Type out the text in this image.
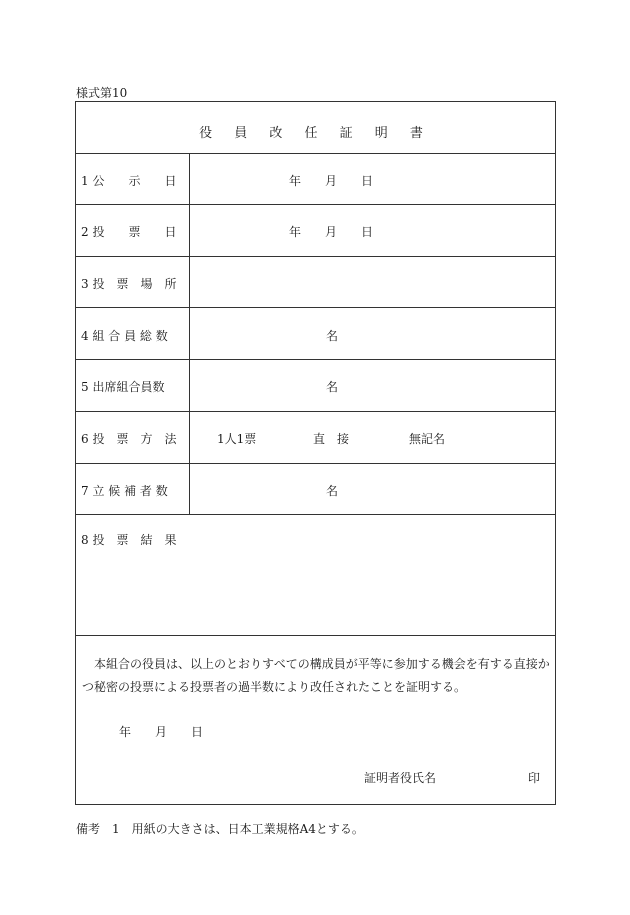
様式第10
役 員 改 任 証 明 書
1 公　　示　　日	年　　月　　日
2 投　　票　　日	年　　月　　日
3 投　票　場　所
4 組 合 員 総 数	名
5 出席組合員数	名
6 投　票　方　法	1人1票	直　接	無記名
7 立 候 補 者 数	名
8 投　票　結　果
　本組合の役員は、以上のとおりすべての構成員が平等に参加する機会を有する直接かつ秘密の投票による投票者の過半数により改任されたことを証明する。
年　　月　　日
証明者役氏名	印
備考　1　用紙の大きさは、日本工業規格A4とする。
